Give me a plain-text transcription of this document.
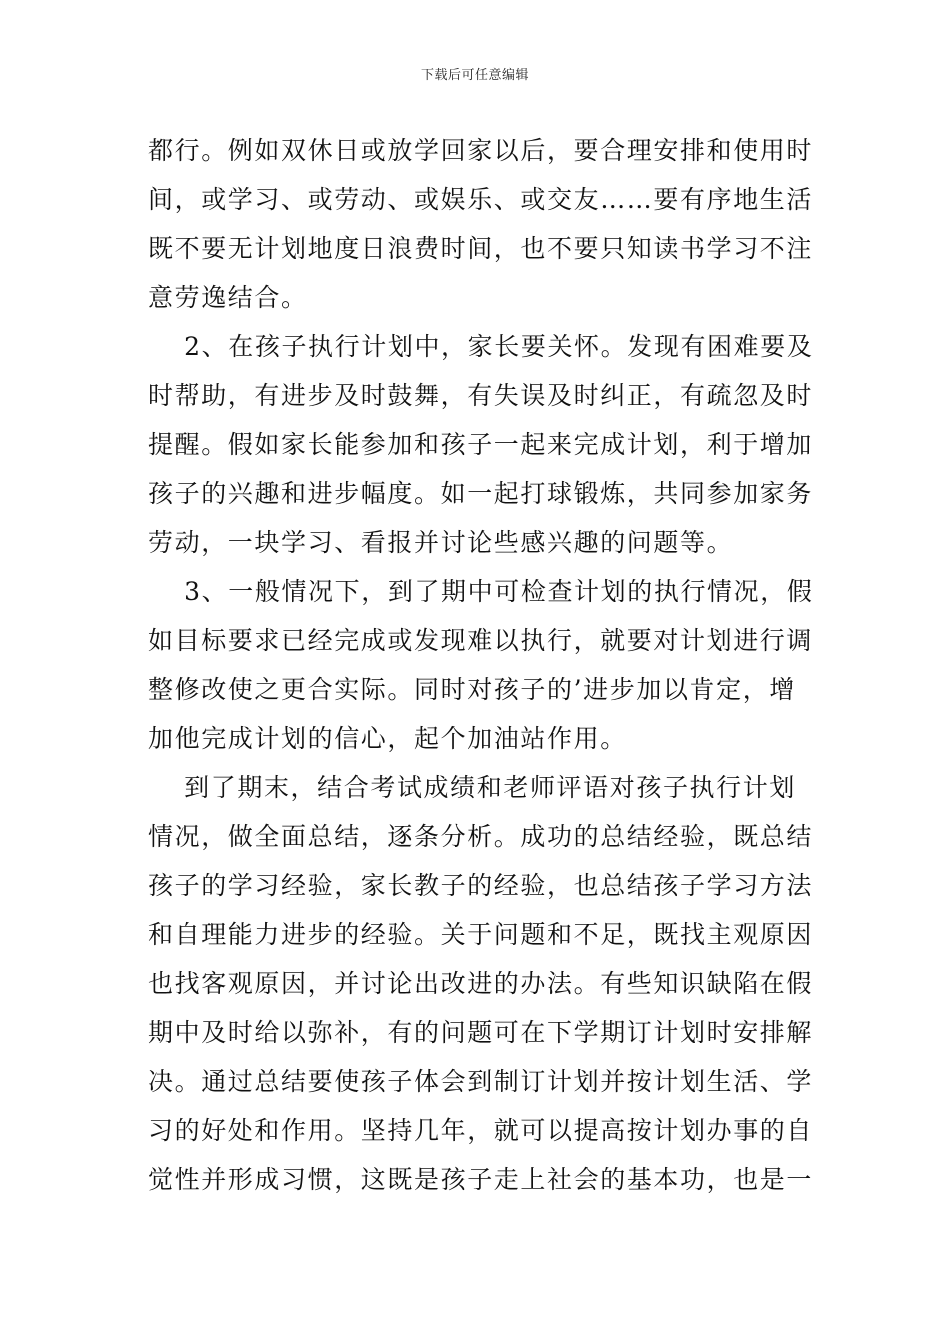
下载后可任意编辑
都行。例如双休日或放学回家以后，要合理安排和使用时
间，或学习、或劳动、或娱乐、或交友……要有序地生活
既不要无计划地度日浪费时间，也不要只知读书学习不注
意劳逸结合。
　 2、在孩子执行计划中，家长要关怀。发现有困难要及
时帮助，有进步及时鼓舞，有失误及时纠正，有疏忽及时
提醒。假如家长能参加和孩子一起来完成计划，利于增加
孩子的兴趣和进步幅度。如一起打球锻炼，共同参加家务
劳动，一块学习、看报并讨论些感兴趣的问题等。
　 3、一般情况下，到了期中可检查计划的执行情况，假
如目标要求已经完成或发现难以执行，就要对计划进行调
整修改使之更合实际。同时对孩子的’进步加以肯定，增
加他完成计划的信心，起个加油站作用。
　 到了期末，结合考试成绩和老师评语对孩子执行计划
情况，做全面总结，逐条分析。成功的总结经验，既总结
孩子的学习经验，家长教子的经验，也总结孩子学习方法
和自理能力进步的经验。关于问题和不足，既找主观原因
也找客观原因，并讨论出改进的办法。有些知识缺陷在假
期中及时给以弥补，有的问题可在下学期订计划时安排解
决。通过总结要使孩子体会到制订计划并按计划生活、学
习的好处和作用。坚持几年，就可以提高按计划办事的自
觉性并形成习惯，这既是孩子走上社会的基本功，也是一
